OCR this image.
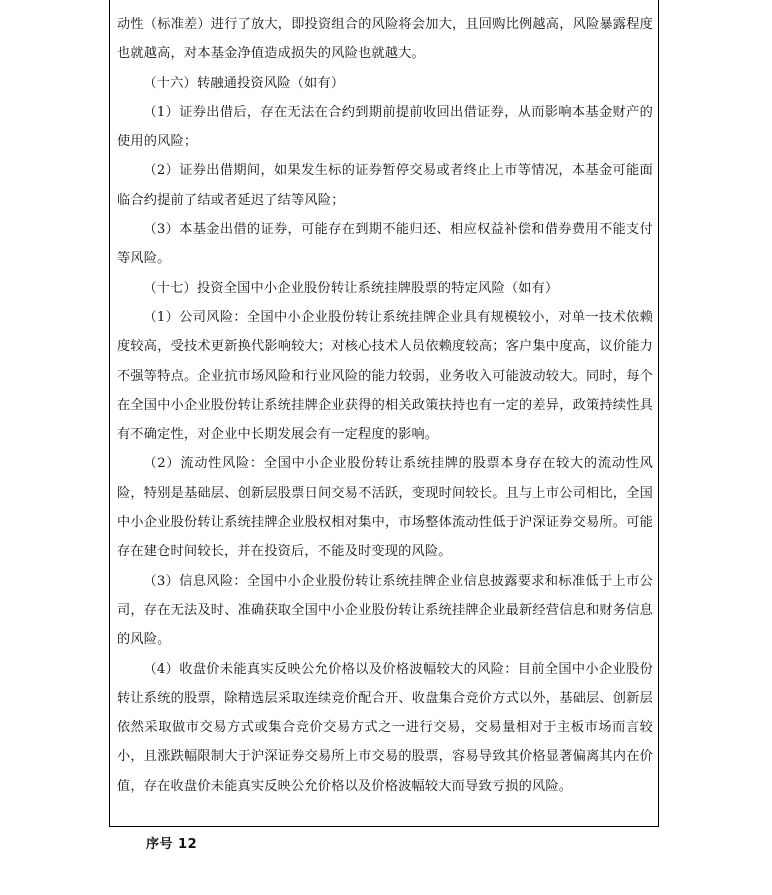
动性（标准差）进行了放大，即投资组合的风险将会加大，且回购比例越高，风险暴露程度也就越高，对本基金净值造成损失的风险也就越大。

（十六）转融通投资风险（如有）

（1）证券出借后，存在无法在合约到期前提前收回出借证券，从而影响本基金财产的使用的风险；

（2）证券出借期间，如果发生标的证券暂停交易或者终止上市等情况，本基金可能面临合约提前了结或者延迟了结等风险；

（3）本基金出借的证券，可能存在到期不能归还、相应权益补偿和借券费用不能支付等风险。

（十七）投资全国中小企业股份转让系统挂牌股票的特定风险（如有）

（1）公司风险：全国中小企业股份转让系统挂牌企业具有规模较小，对单一技术依赖度较高，受技术更新换代影响较大；对核心技术人员依赖度较高；客户集中度高，议价能力不强等特点。企业抗市场风险和行业风险的能力较弱，业务收入可能波动较大。同时，每个在全国中小企业股份转让系统挂牌企业获得的相关政策扶持也有一定的差异，政策持续性具有不确定性，对企业中长期发展会有一定程度的影响。

（2）流动性风险：全国中小企业股份转让系统挂牌的股票本身存在较大的流动性风险，特别是基础层、创新层股票日间交易不活跃，变现时间较长。且与上市公司相比，全国中小企业股份转让系统挂牌企业股权相对集中，市场整体流动性低于沪深证券交易所。可能存在建仓时间较长，并在投资后，不能及时变现的风险。

（3）信息风险：全国中小企业股份转让系统挂牌企业信息披露要求和标准低于上市公司，存在无法及时、准确获取全国中小企业股份转让系统挂牌企业最新经营信息和财务信息的风险。

（4）收盘价未能真实反映公允价格以及价格波幅较大的风险：目前全国中小企业股份转让系统的股票，除精选层采取连续竞价配合开、收盘集合竞价方式以外，基础层、创新层依然采取做市交易方式或集合竞价交易方式之一进行交易，交易量相对于主板市场而言较小，且涨跌幅限制大于沪深证券交易所上市交易的股票，容易导致其价格显著偏离其内在价值，存在收盘价未能真实反映公允价格以及价格波幅较大而导致亏损的风险。

序号 12
